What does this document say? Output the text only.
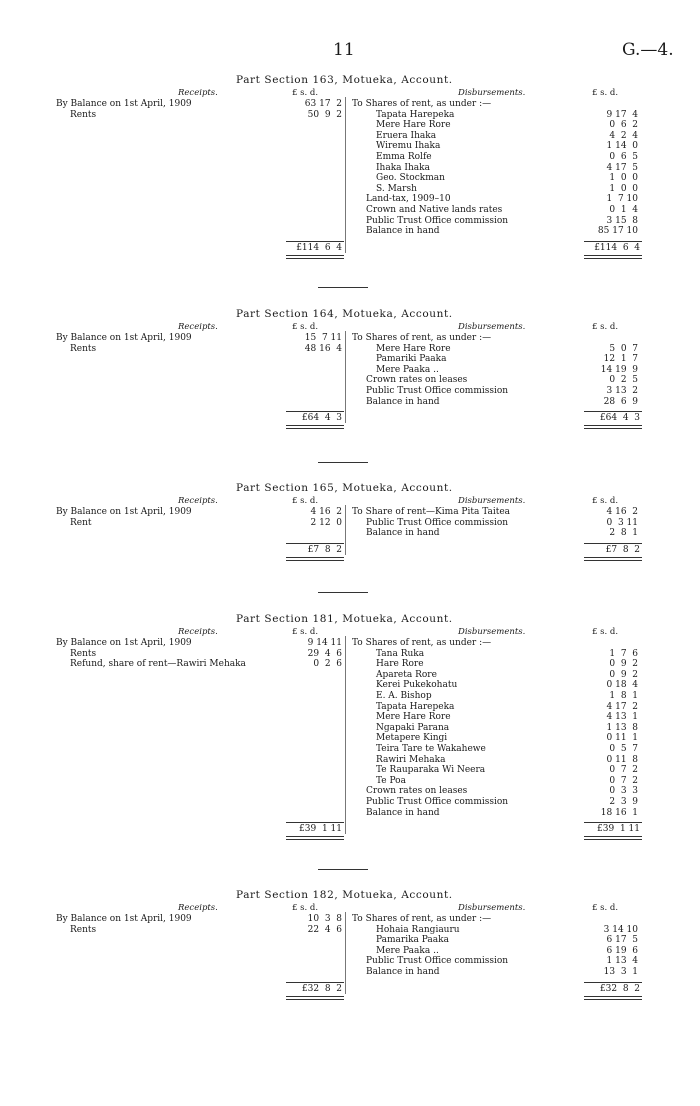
11	G.—4.
Part Section 163, Motueka, Account.
Receipts.	£ s. d.	Disbursements.	£ s. d.
By Balance on 1st April, 1909	63 17  2
Rents	50  9  2
To Shares of rent, as under :—
Tapata Harepeka	9 17  4
Mere Hare Rore	0  6  2
Eruera Ihaka	4  2  4
Wiremu Ihaka	1 14  0
Emma Rolfe	0  6  5
Ihaka Ihaka	4 17  5
Geo. Stockman	1  0  0
S. Marsh	1  0  0
Land-tax, 1909–10	1  7 10
Crown and Native lands rates	0  1  4
Public Trust Office commission	3 15  8
Balance in hand	85 17 10
£114  6  4	£114  6  4
Part Section 164, Motueka, Account.
Receipts.	£ s. d.	Disbursements.	£ s. d.
By Balance on 1st April, 1909	15  7 11
Rents	48 16  4
To Shares of rent, as under :—
Mere Hare Rore	5  0  7
Pamariki Paaka	12  1  7
Mere Paaka ..	14 19  9
Crown rates on leases	0  2  5
Public Trust Office commission	3 13  2
Balance in hand	28  6  9
£64  4  3	£64  4  3
Part Section 165, Motueka, Account.
Receipts.	£ s. d.	Disbursements.	£ s. d.
By Balance on 1st April, 1909	4 16  2
Rent	2 12  0
To Share of rent—Kima Pita Taitea	4 16  2
Public Trust Office commission	0  3 11
Balance in hand	2  8  1
£7  8  2	£7  8  2
Part Section 181, Motueka, Account.
Receipts.	£ s. d.	Disbursements.	£ s. d.
By Balance on 1st April, 1909	9 14 11
Rents	29  4  6
Refund, share of rent—Rawiri Mehaka	0  2  6
To Shares of rent, as under :—
Tana Ruka	1  7  6
Hare Rore	0  9  2
Apareta Rore	0  9  2
Kerei Pukekohatu	0 18  4
E. A. Bishop	1  8  1
Tapata Harepeka	4 17  2
Mere Hare Rore	4 13  1
Ngapaki Parana	1 13  8
Metapere Kingi	0 11  1
Teira Tare te Wakahewe	0  5  7
Rawiri Mehaka	0 11  8
Te Rauparaka Wi Neera	0  7  2
Te Poa	0  7  2
Crown rates on leases	0  3  3
Public Trust Office commission	2  3  9
Balance in hand	18 16  1
£39  1 11	£39  1 11
Part Section 182, Motueka, Account.
Receipts.	£ s. d.	Disbursements.	£ s. d.
By Balance on 1st April, 1909	10  3  8
Rents	22  4  6
To Shares of rent, as under :—
Hohaia Rangiauru	3 14 10
Pamarika Paaka	6 17  5
Mere Paaka ..	6 19  6
Public Trust Office commission	1 13  4
Balance in hand	13  3  1
£32  8  2	£32  8  2
